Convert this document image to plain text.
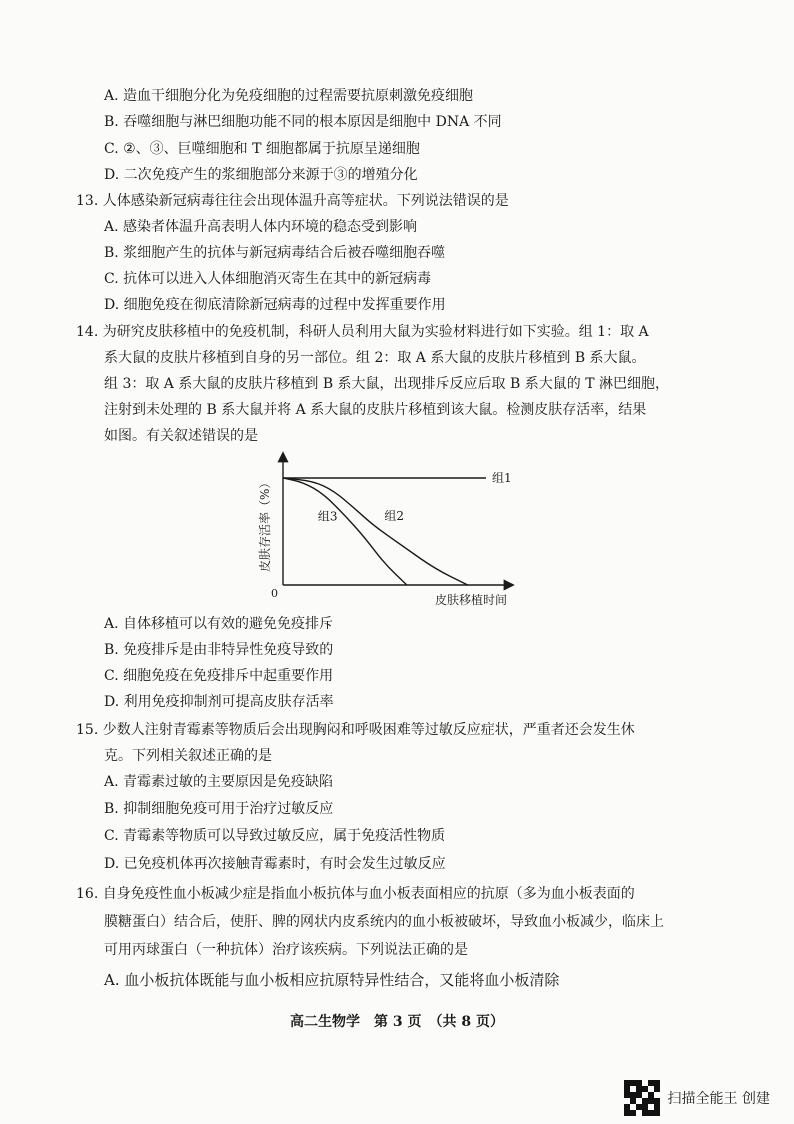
A. 造血干细胞分化为免疫细胞的过程需要抗原刺激免疫细胞
B. 吞噬细胞与淋巴细胞功能不同的根本原因是细胞中 DNA 不同
C. ②、③、巨噬细胞和 T 细胞都属于抗原呈递细胞
D. 二次免疫产生的浆细胞部分来源于③的增殖分化
13. 人体感染新冠病毒往往会出现体温升高等症状。下列说法错误的是
A. 感染者体温升高表明人体内环境的稳态受到影响
B. 浆细胞产生的抗体与新冠病毒结合后被吞噬细胞吞噬
C. 抗体可以进入人体细胞消灭寄生在其中的新冠病毒
D. 细胞免疫在彻底清除新冠病毒的过程中发挥重要作用
14. 为研究皮肤移植中的免疫机制，科研人员利用大鼠为实验材料进行如下实验。组 1：取 A
系大鼠的皮肤片移植到自身的另一部位。组 2：取 A 系大鼠的皮肤片移植到 B 系大鼠。
组 3：取 A 系大鼠的皮肤片移植到 B 系大鼠，出现排斥反应后取 B 系大鼠的 T 淋巴细胞，
注射到未处理的 B 系大鼠并将 A 系大鼠的皮肤片移植到该大鼠。检测皮肤存活率，结果
如图。有关叙述错误的是
组1
组2
组3
0	皮肤移植时间
皮肤存活率（%）
A. 自体移植可以有效的避免免疫排斥
B. 免疫排斥是由非特异性免疫导致的
C. 细胞免疫在免疫排斥中起重要作用
D. 利用免疫抑制剂可提高皮肤存活率
15. 少数人注射青霉素等物质后会出现胸闷和呼吸困难等过敏反应症状，严重者还会发生休
克。下列相关叙述正确的是
A. 青霉素过敏的主要原因是免疫缺陷
B. 抑制细胞免疫可用于治疗过敏反应
C. 青霉素等物质可以导致过敏反应，属于免疫活性物质
D. 已免疫机体再次接触青霉素时，有时会发生过敏反应
16. 自身免疫性血小板减少症是指血小板抗体与血小板表面相应的抗原（多为血小板表面的
膜糖蛋白）结合后，使肝、脾的网状内皮系统内的血小板被破坏，导致血小板减少，临床上
可用丙球蛋白（一种抗体）治疗该疾病。下列说法正确的是
A. 血小板抗体既能与血小板相应抗原特异性结合，又能将血小板清除
高二生物学　第 3 页　（共 8 页）
扫描全能王 创建
